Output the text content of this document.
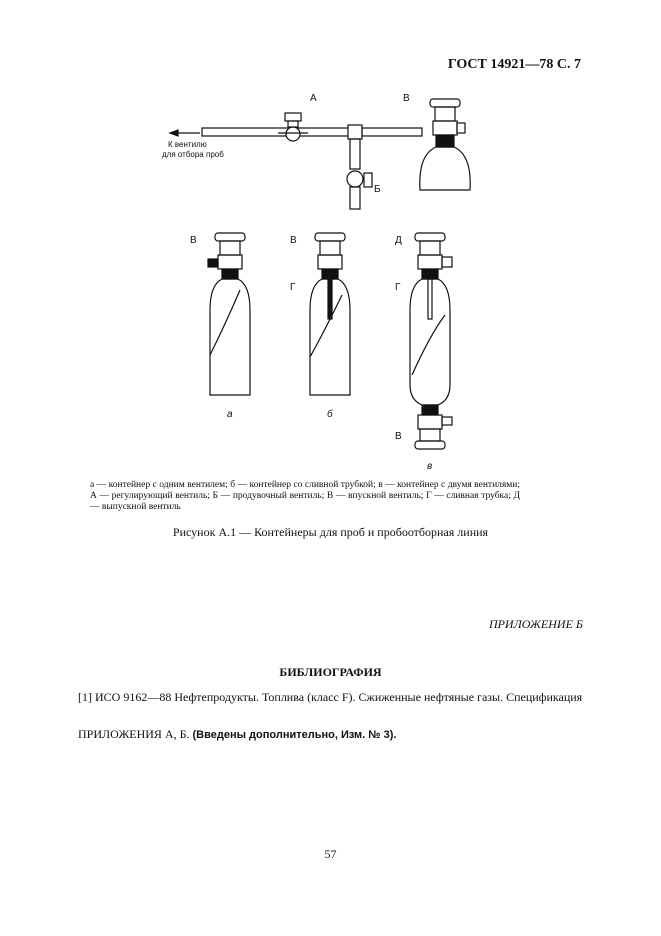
ГОСТ 14921—78 С. 7
А	В
Б
В	В	Д
Г	Г
В
К вентилю
для отбора проб
а	б
в
а — контейнер с одним вентилем; б — контейнер со сливной трубкой; в — контейнер с двумя вентилями; А — регулирующий вентиль; Б — продувочный вентиль; В — впускной вентиль; Г — сливная трубка; Д — выпускной вентиль
Рисунок А.1 — Контейнеры для проб и пробоотборная линия
ПРИЛОЖЕНИЕ Б
БИБЛИОГРАФИЯ
[1] ИСО 9162—88 Нефтепродукты. Топлива (класс F). Сжиженные нефтяные газы. Спецификация
ПРИЛОЖЕНИЯ А, Б. (Введены дополнительно, Изм. № 3).
57
